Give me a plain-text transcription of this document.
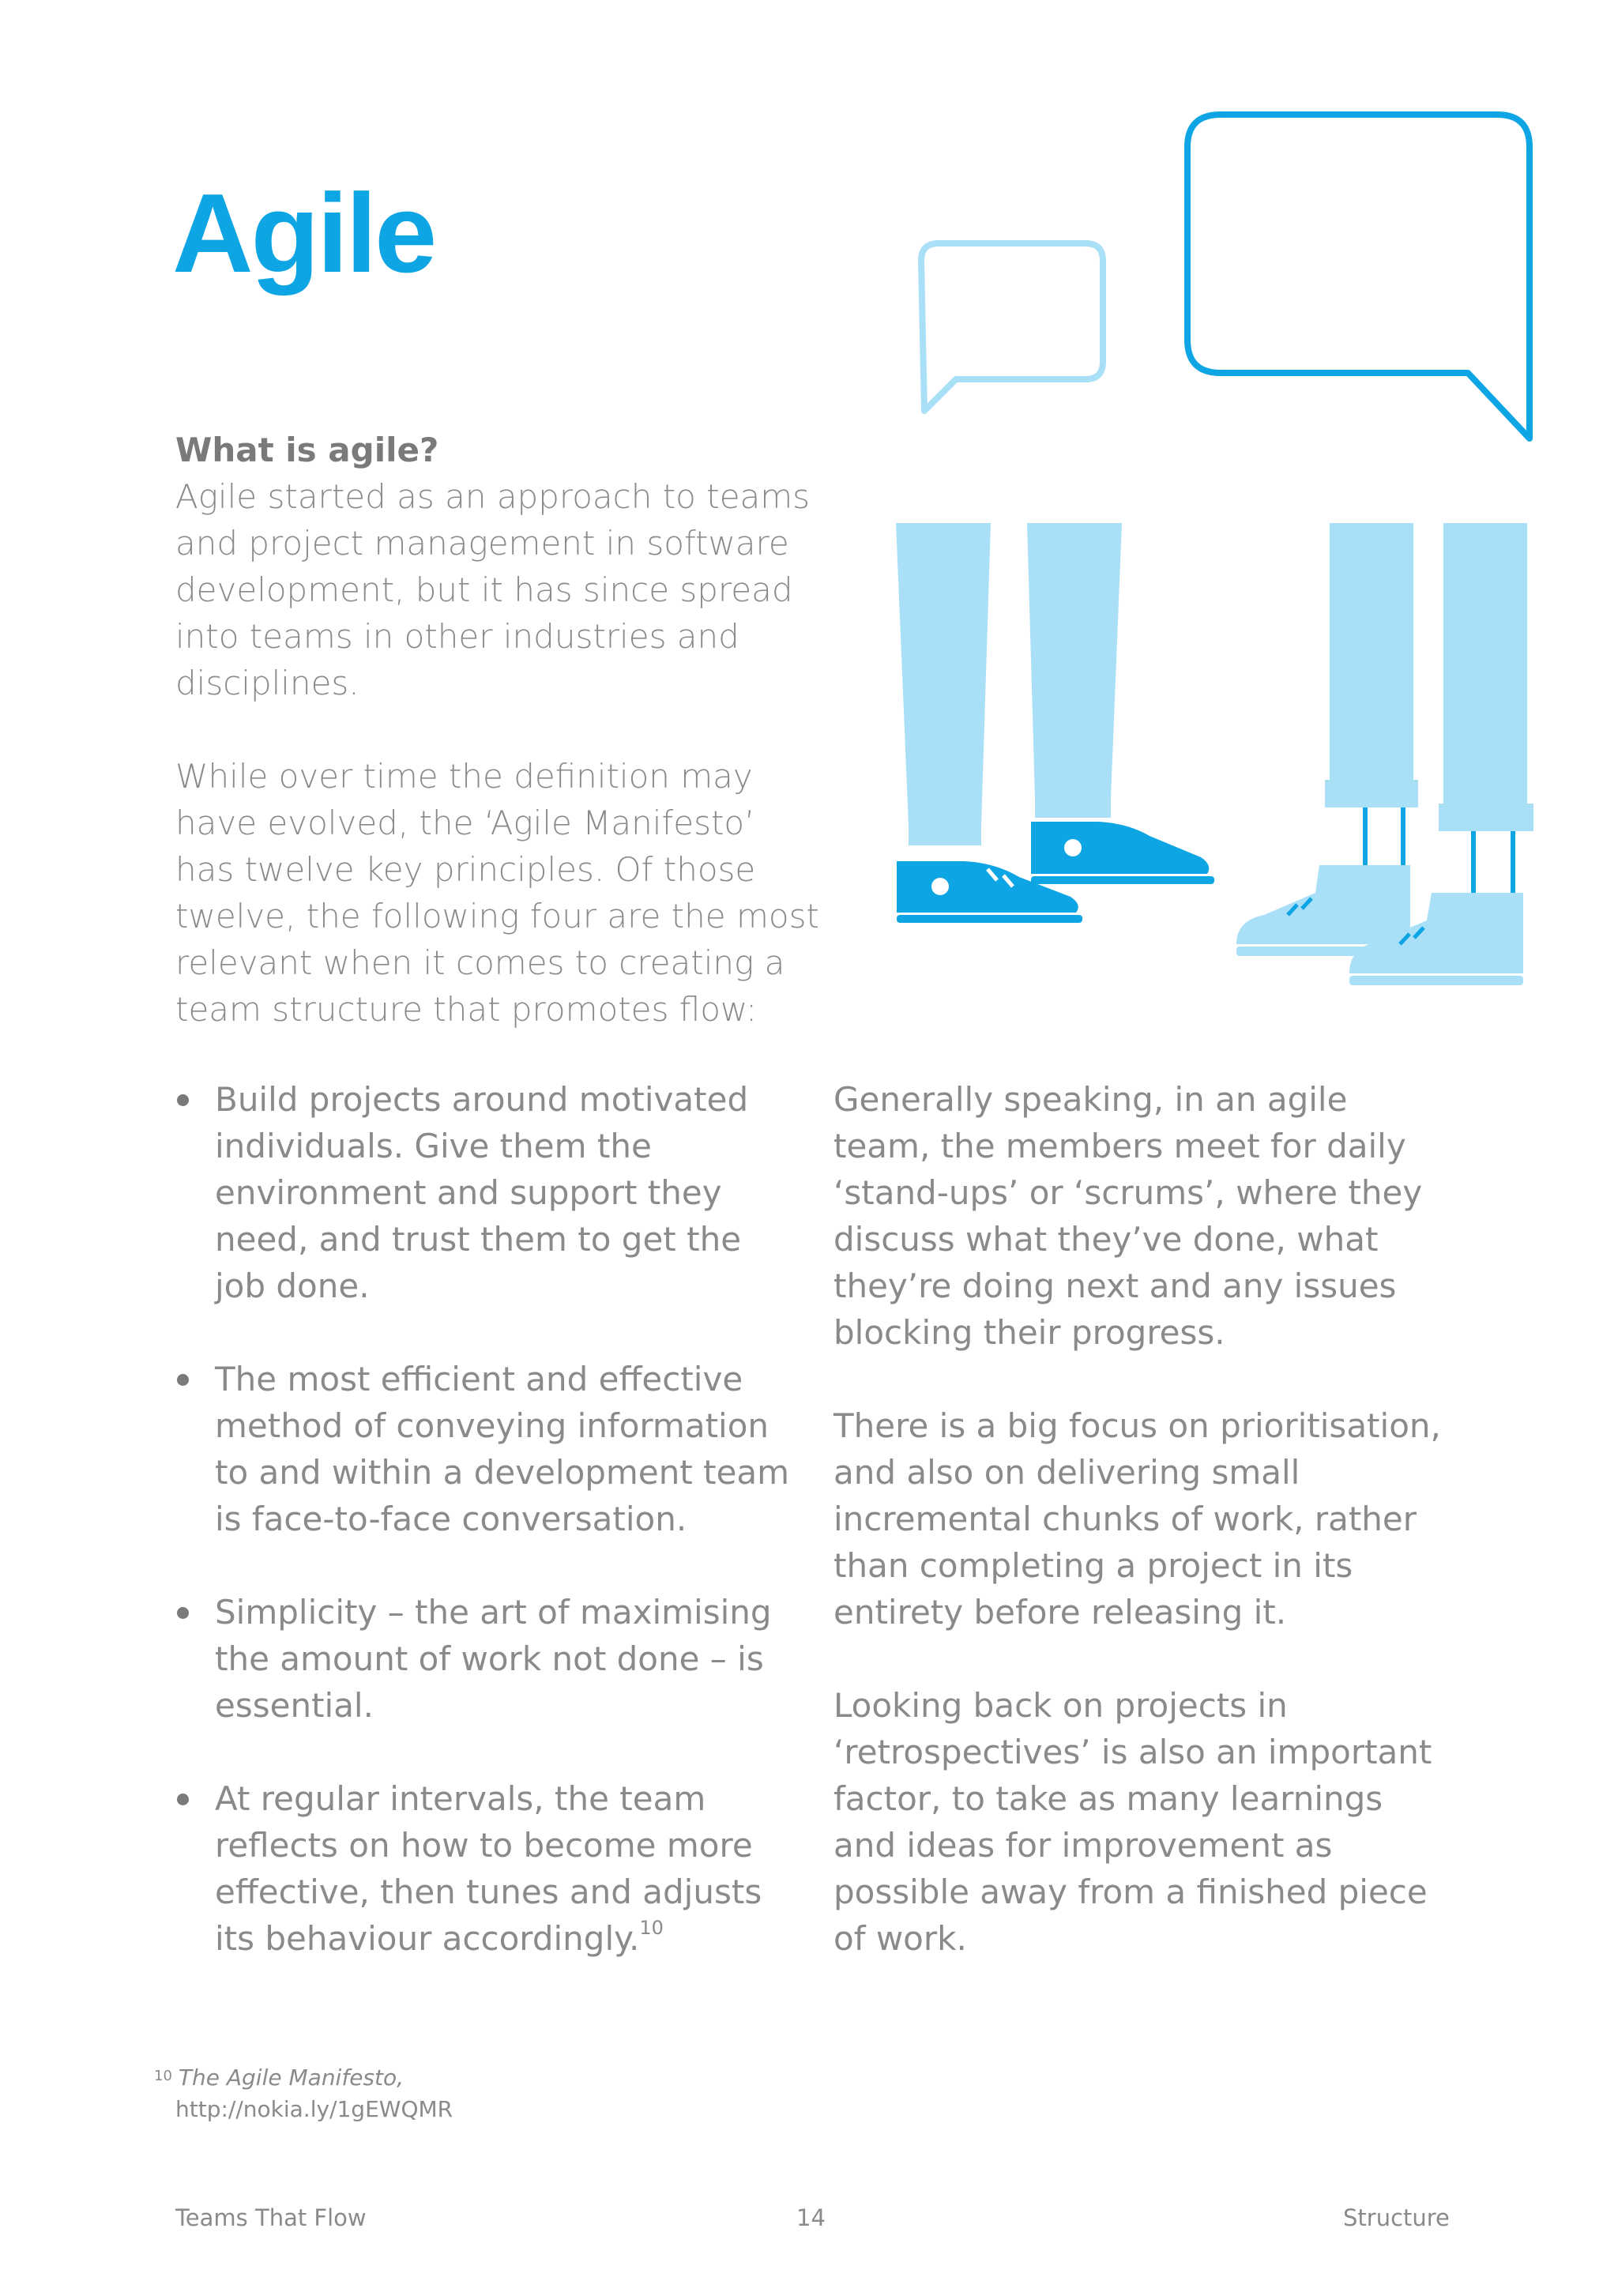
Agile
What is agile?

Agile started as an approach to teams and project management in software development, but it has since spread into teams in other industries and disciplines.

While over time the definition may have evolved, the ‘Agile Manifesto’ has twelve key principles. Of those twelve, the following four are the most relevant when it comes to creating a team structure that promotes flow:

Build projects around motivated individuals. Give them the environment and support they need, and trust them to get the job done.
The most efficient and effective method of conveying information to and within a development team is face-to-face conversation.
Simplicity – the art of maximising the amount of work not done – is essential.
At regular intervals, the team reflects on how to become more effective, then tunes and adjusts its behaviour accordingly.$^{10}$

Generally speaking, in an agile team, the members meet for daily ‘stand-ups’ or ‘scrums’, where they discuss what they’ve done, what they’re doing next and any issues blocking their progress.

There is a big focus on prioritisation, and also on delivering small incremental chunks of work, rather than completing a project in its entirety before releasing it.

Looking back on projects in ‘retrospectives’ is also an important factor, to take as many learnings and ideas for improvement as possible away from a finished piece of work.

$^{10}$ The Agile Manifesto,
http://nokia.ly/1gEWQMR
Teams That Flow	14	Structure
